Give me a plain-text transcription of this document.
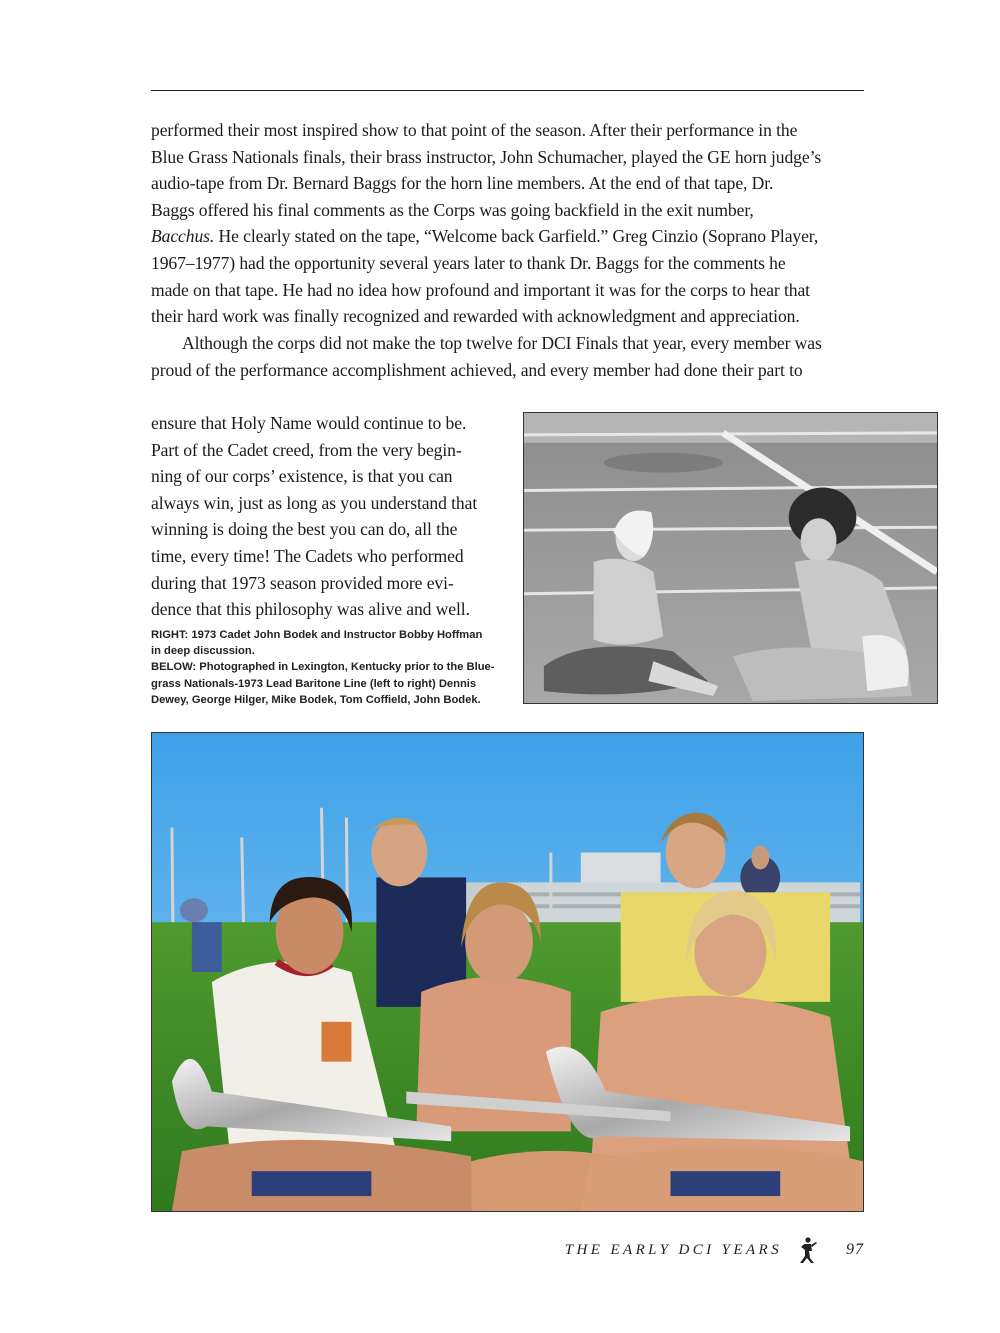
performed their most inspired show to that point of the season. After their performance in the
Blue Grass Nationals finals, their brass instructor, John Schumacher, played the GE horn judge’s
audio-tape from Dr. Bernard Baggs for the horn line members. At the end of that tape, Dr.
Baggs offered his final comments as the Corps was going backfield in the exit number,
Bacchus. He clearly stated on the tape, “Welcome back Garfield.” Greg Cinzio (Soprano Player,
1967–1977) had the opportunity several years later to thank Dr. Baggs for the comments he
made on that tape. He had no idea how profound and important it was for the corps to hear that
their hard work was finally recognized and rewarded with acknowledgment and appreciation.
Although the corps did not make the top twelve for DCI Finals that year, every member was
proud of the performance accomplishment achieved, and every member had done their part to
ensure that Holy Name would continue to be.
Part of the Cadet creed, from the very begin-
ning of our corps’ existence, is that you can
always win, just as long as you understand that
winning is doing the best you can do, all the
time, every time! The Cadets who performed
during that 1973 season provided more evi-
dence that this philosophy was alive and well.
RIGHT: 1973 Cadet John Bodek and Instructor Bobby Hoffman
in deep discussion.
BELOW: Photographed in Lexington, Kentucky prior to the Blue-
grass Nationals-1973 Lead Baritone Line (left to right) Dennis
Dewey, George Hilger, Mike Bodek, Tom Coffield, John Bodek.
THE EARLY DCI YEARS	97
